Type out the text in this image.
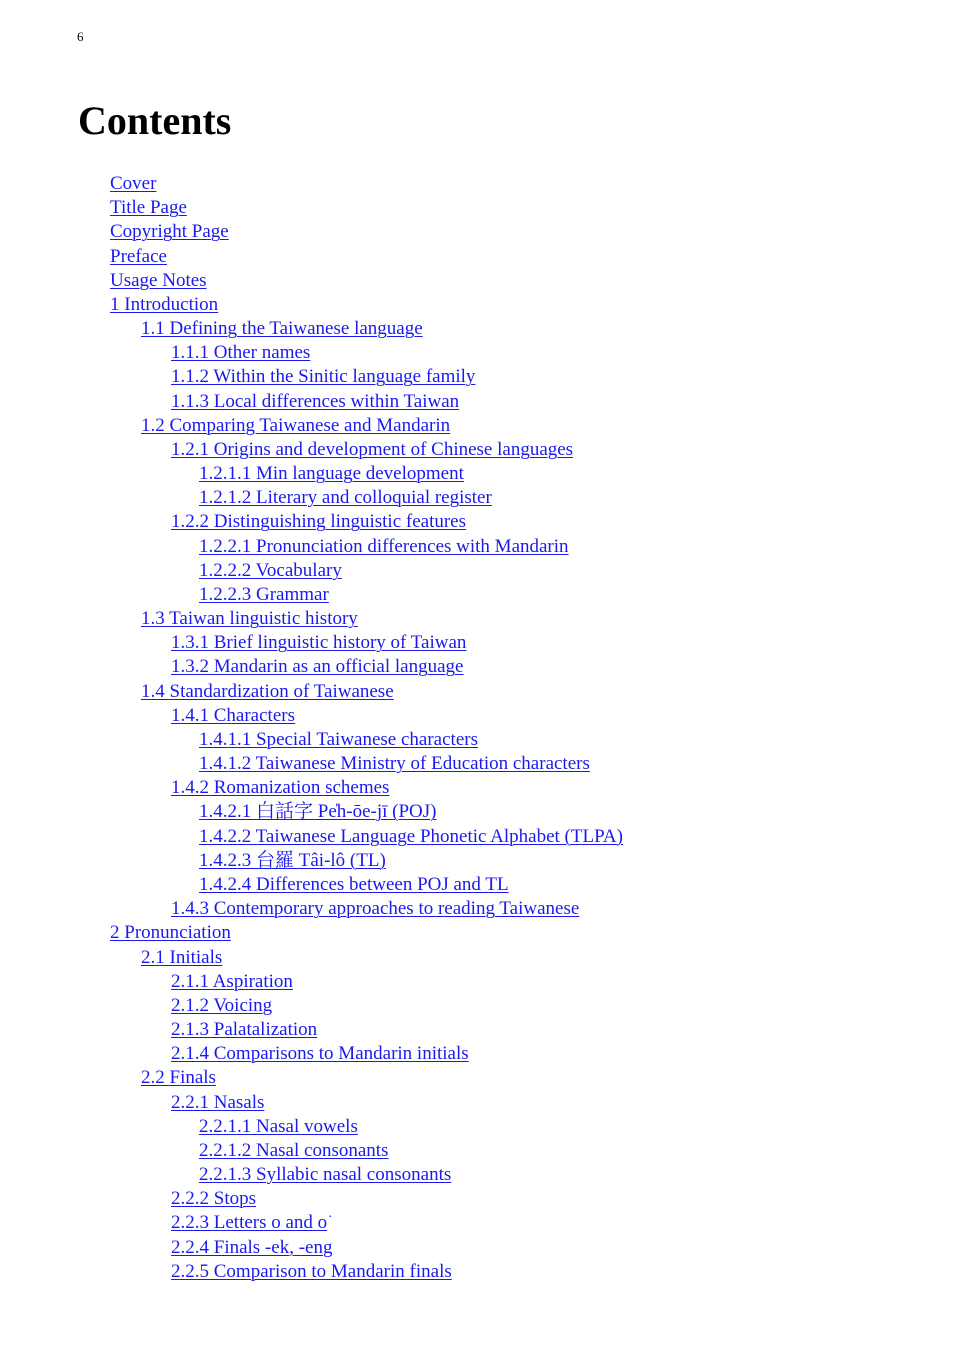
6
Contents
Cover
Title Page
Copyright Page
Preface
Usage Notes
1 Introduction
1.1 Defining the Taiwanese language
1.1.1 Other names
1.1.2 Within the Sinitic language family
1.1.3 Local differences within Taiwan
1.2 Comparing Taiwanese and Mandarin
1.2.1 Origins and development of Chinese languages
1.2.1.1 Min language development
1.2.1.2 Literary and colloquial register
1.2.2 Distinguishing linguistic features
1.2.2.1 Pronunciation differences with Mandarin
1.2.2.2 Vocabulary
1.2.2.3 Grammar
1.3 Taiwan linguistic history
1.3.1 Brief linguistic history of Taiwan
1.3.2 Mandarin as an official language
1.4 Standardization of Taiwanese
1.4.1 Characters
1.4.1.1 Special Taiwanese characters
1.4.1.2 Taiwanese Ministry of Education characters
1.4.2 Romanization schemes
1.4.2.1 白話字 Pe̍h-ōe-jī (POJ)
1.4.2.2 Taiwanese Language Phonetic Alphabet (TLPA)
1.4.2.3 台羅 Tâi-lô (TL)
1.4.2.4 Differences between POJ and TL
1.4.3 Contemporary approaches to reading Taiwanese
2 Pronunciation
2.1 Initials
2.1.1 Aspiration
2.1.2 Voicing
2.1.3 Palatalization
2.1.4 Comparisons to Mandarin initials
2.2 Finals
2.2.1 Nasals
2.2.1.1 Nasal vowels
2.2.1.2 Nasal consonants
2.2.1.3 Syllabic nasal consonants
2.2.2 Stops
2.2.3 Letters o and o͘
2.2.4 Finals -ek, -eng
2.2.5 Comparison to Mandarin finals
